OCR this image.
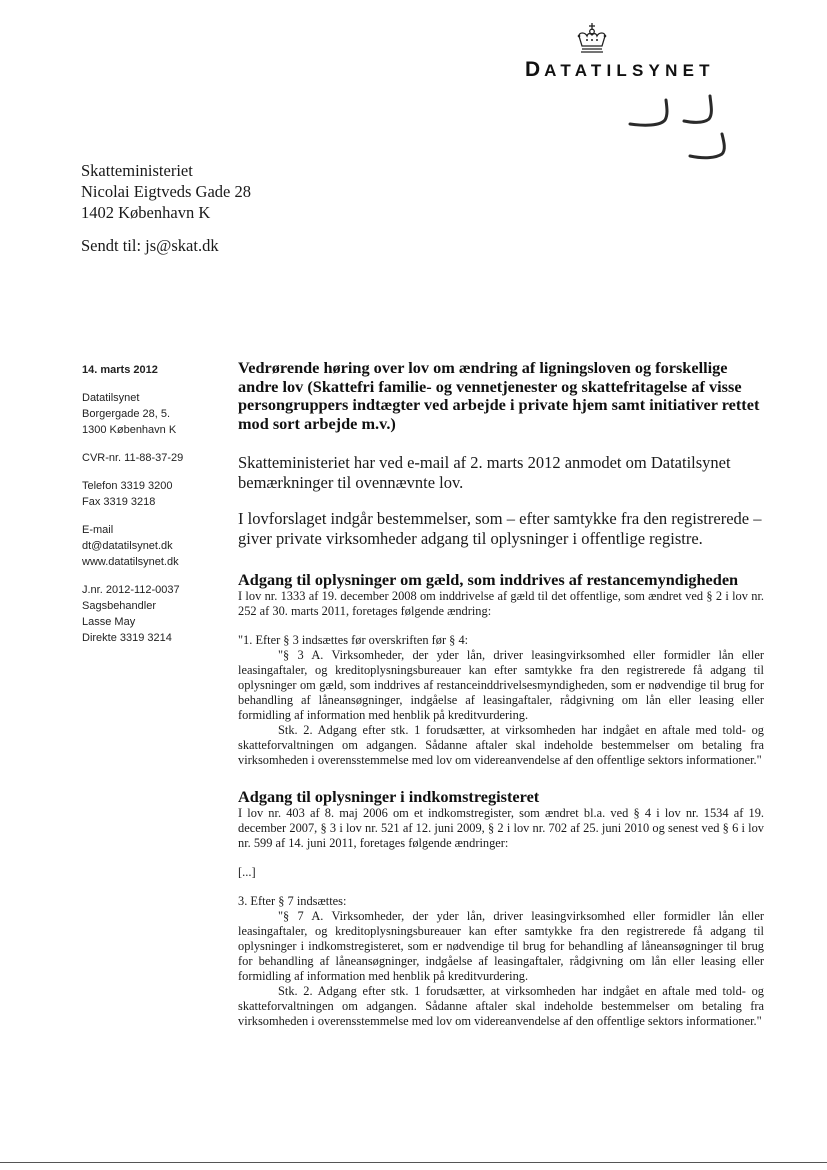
DATATILSYNET
Skatteministeriet
Nicolai Eigtveds Gade 28
1402 København K
Sendt til: js@skat.dk
14. marts 2012
Datatilsynet
Borgergade 28, 5.
1300 København K
CVR-nr. 11-88-37-29
Telefon 3319 3200
Fax 3319 3218
E-mail
dt@datatilsynet.dk
www.datatilsynet.dk
J.nr. 2012-112-0037
Sagsbehandler
Lasse May
Direkte 3319 3214

Vedrørende høring over lov om ændring af ligningsloven og forskellige andre lov (Skattefri familie- og vennetjenester og skattefritagelse af visse persongruppers indtægter ved arbejde i private hjem samt initiativer rettet mod sort arbejde m.v.)

Skatteministeriet har ved e-mail af 2. marts 2012 anmodet om Datatilsynet bemærkninger til ovennævnte lov.

I lovforslaget indgår bestemmelser, som – efter samtykke fra den registrerede – giver private virksomheder adgang til oplysninger i offentlige registre.

Adgang til oplysninger om gæld, som inddrives af restancemyndigheden

I lov nr. 1333 af 19. december 2008 om inddrivelse af gæld til det offentlige, som ændret ved § 2 i lov nr. 252 af 30. marts 2011, foretages følgende ændring:

"1. Efter § 3 indsættes før overskriften før § 4:

"§ 3 A. Virksomheder, der yder lån, driver leasingvirksomhed eller formidler lån eller leasingaftaler, og kreditoplysningsbureauer kan efter samtykke fra den registrerede få adgang til oplysninger om gæld, som inddrives af restanceinddrivelsesmyndigheden, som er nødvendige til brug for behandling af låneansøgninger, indgåelse af leasingaftaler, rådgivning om lån eller leasing eller formidling af information med henblik på kreditvurdering.

Stk. 2. Adgang efter stk. 1 forudsætter, at virksomheden har indgået en aftale med told- og skatteforvaltningen om adgangen. Sådanne aftaler skal indeholde bestemmelser om betaling fra virksomheden i overensstemmelse med lov om videreanvendelse af den offentlige sektors informationer."

Adgang til oplysninger i indkomstregisteret

I lov nr. 403 af 8. maj 2006 om et indkomstregister, som ændret bl.a. ved § 4 i lov nr. 1534 af 19. december 2007, § 3 i lov nr. 521 af 12. juni 2009, § 2 i lov nr. 702 af 25. juni 2010 og senest ved § 6 i lov nr. 599 af 14. juni 2011, foretages følgende ændringer:

[...]

3. Efter § 7 indsættes:

"§ 7 A. Virksomheder, der yder lån, driver leasingvirksomhed eller formidler lån eller leasingaftaler, og kreditoplysningsbureauer kan efter samtykke fra den registrerede få adgang til oplysninger i indkomstregisteret, som er nødvendige til brug for behandling af låneansøgninger til brug for behandling af låneansøgninger, indgåelse af leasingaftaler, rådgivning om lån eller leasing eller formidling af information med henblik på kreditvurdering.

Stk. 2. Adgang efter stk. 1 forudsætter, at virksomheden har indgået en aftale med told- og skatteforvaltningen om adgangen. Sådanne aftaler skal indeholde bestemmelser om betaling fra virksomheden i overensstemmelse med lov om videreanvendelse af den offentlige sektors informationer."
